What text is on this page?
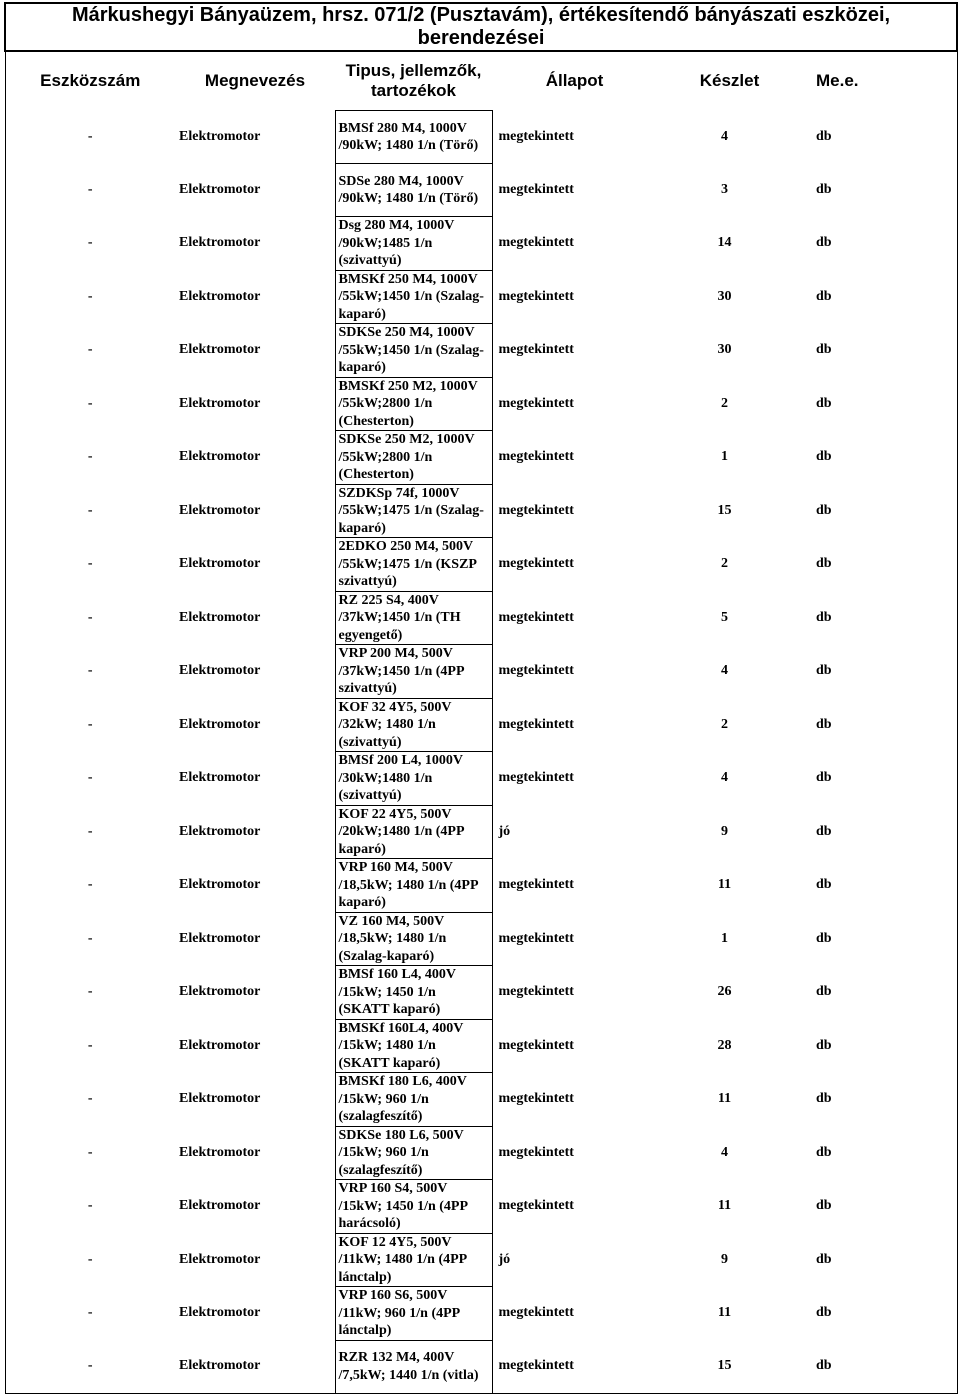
Márkushegyi Bányaüzem, hrsz. 071/2 (Pusztavám), értékesítendő bányászati eszközei, berendezései					
Eszközszám	Megnevezés	Tipus, jellemzők,
tartozékok	Állapot	Készlet	Me.e.
-	Elektromotor	BMSf 280 M4, 1000V
/90kW; 1480 1/n (Törő)	megtekintett	4	db
-	Elektromotor	SDSe 280 M4, 1000V
/90kW; 1480 1/n (Törő)	megtekintett	3	db
-	Elektromotor	Dsg 280 M4, 1000V
/90kW;1485 1/n
(szivattyú)	megtekintett	14	db
-	Elektromotor	BMSKf 250 M4, 1000V
/55kW;1450 1/n (Szalag-
kaparó)	megtekintett	30	db
-	Elektromotor	SDKSe 250 M4, 1000V
/55kW;1450 1/n (Szalag-
kaparó)	megtekintett	30	db
-	Elektromotor	BMSKf 250 M2, 1000V
/55kW;2800 1/n
(Chesterton)	megtekintett	2	db
-	Elektromotor	SDKSe 250 M2, 1000V
/55kW;2800 1/n
(Chesterton)	megtekintett	1	db
-	Elektromotor	SZDKSp 74f, 1000V
/55kW;1475 1/n (Szalag-
kaparó)	megtekintett	15	db
-	Elektromotor	2EDKO 250 M4, 500V
/55kW;1475 1/n (KSZP
szivattyú)	megtekintett	2	db
-	Elektromotor	RZ 225 S4, 400V
/37kW;1450 1/n (TH
egyengető)	megtekintett	5	db
-	Elektromotor	VRP 200 M4, 500V
/37kW;1450 1/n (4PP
szivattyú)	megtekintett	4	db
-	Elektromotor	KOF 32 4Y5, 500V
/32kW; 1480 1/n
(szivattyú)	megtekintett	2	db
-	Elektromotor	BMSf 200 L4, 1000V
/30kW;1480 1/n
(szivattyú)	megtekintett	4	db
-	Elektromotor	KOF 22 4Y5, 500V
/20kW;1480 1/n (4PP
kaparó)	jó	9	db
-	Elektromotor	VRP 160 M4, 500V
/18,5kW; 1480 1/n (4PP
kaparó)	megtekintett	11	db
-	Elektromotor	VZ 160 M4, 500V
/18,5kW; 1480 1/n
(Szalag-kaparó)	megtekintett	1	db
-	Elektromotor	BMSf 160 L4, 400V
/15kW; 1450 1/n
(SKATT kaparó)	megtekintett	26	db
-	Elektromotor	BMSKf 160L4, 400V
/15kW; 1480 1/n
(SKATT kaparó)	megtekintett	28	db
-	Elektromotor	BMSKf 180 L6, 400V
/15kW; 960 1/n
(szalagfeszítő)	megtekintett	11	db
-	Elektromotor	SDKSe 180 L6, 500V
/15kW; 960 1/n
(szalagfeszítő)	megtekintett	4	db
-	Elektromotor	VRP 160 S4, 500V
/15kW; 1450 1/n (4PP
harácsoló)	megtekintett	11	db
-	Elektromotor	KOF 12 4Y5, 500V
/11kW; 1480 1/n (4PP
lánctalp)	jó	9	db
-	Elektromotor	VRP 160 S6, 500V
/11kW; 960 1/n (4PP
lánctalp)	megtekintett	11	db
-	Elektromotor	RZR 132 M4, 400V
/7,5kW; 1440 1/n (vitla)	megtekintett	15	db
